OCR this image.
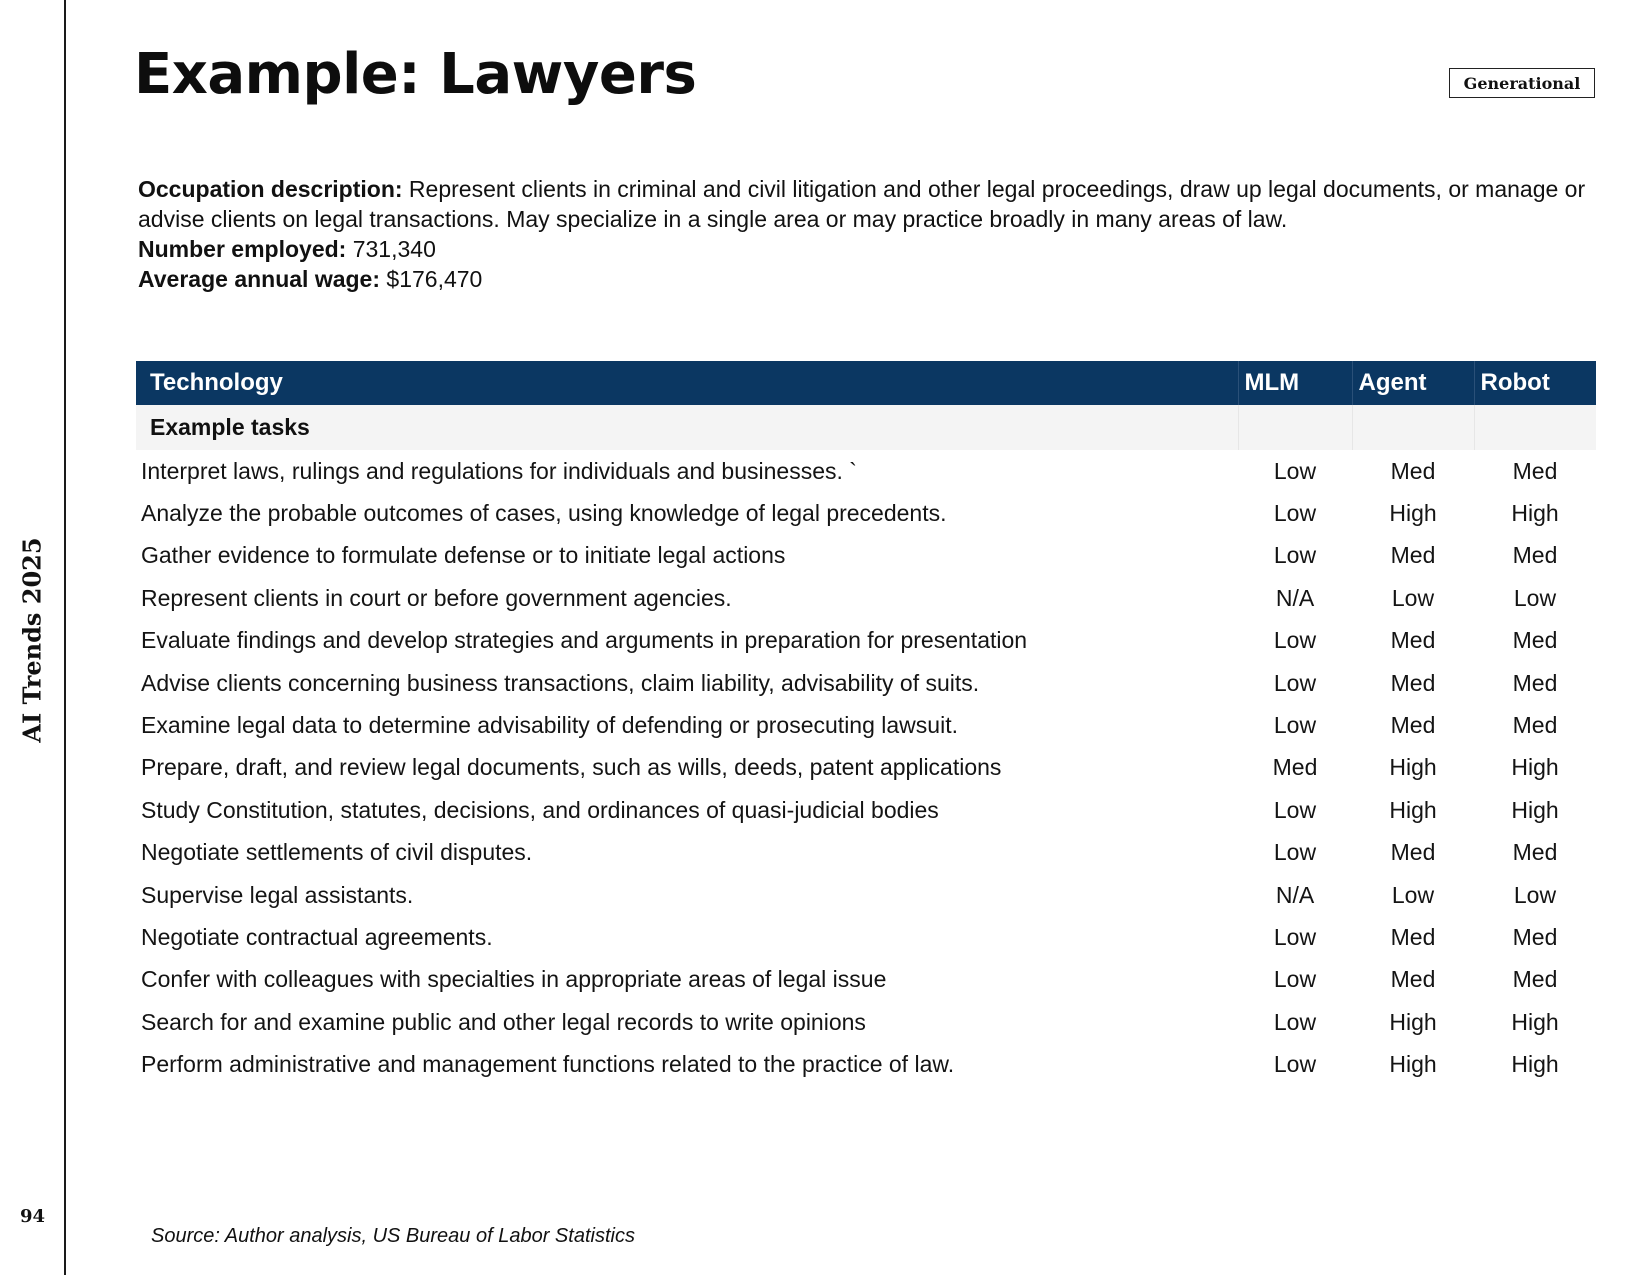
AI Trends 2025
94
Example: Lawyers	Generational

Occupation description: Represent clients in criminal and civil litigation and other legal proceedings, draw up legal documents, or manage or advise clients on legal transactions. May specialize in a single area or may practice broadly in many areas of law.

Number employed: 731,340

Average annual wage: $176,470

Technology	MLM	Agent	Robot
Example tasks			
Interpret laws, rulings and regulations for individuals and businesses. `	Low	Med	Med
Analyze the probable outcomes of cases, using knowledge of legal precedents.	Low	High	High
Gather evidence to formulate defense or to initiate legal actions	Low	Med	Med
Represent clients in court or before government agencies.	N/A	Low	Low
Evaluate findings and develop strategies and arguments in preparation for presentation	Low	Med	Med
Advise clients concerning business transactions, claim liability, advisability of suits.	Low	Med	Med
Examine legal data to determine advisability of defending or prosecuting lawsuit.	Low	Med	Med
Prepare, draft, and review legal documents, such as wills, deeds, patent applications	Med	High	High
Study Constitution, statutes, decisions, and ordinances of quasi-judicial bodies	Low	High	High
Negotiate settlements of civil disputes.	Low	Med	Med
Supervise legal assistants.	N/A	Low	Low
Negotiate contractual agreements.	Low	Med	Med
Confer with colleagues with specialties in appropriate areas of legal issue	Low	Med	Med
Search for and examine public and other legal records to write opinions	Low	High	High
Perform administrative and management functions related to the practice of law.	Low	High	High
Source: Author analysis, US Bureau of Labor Statistics
